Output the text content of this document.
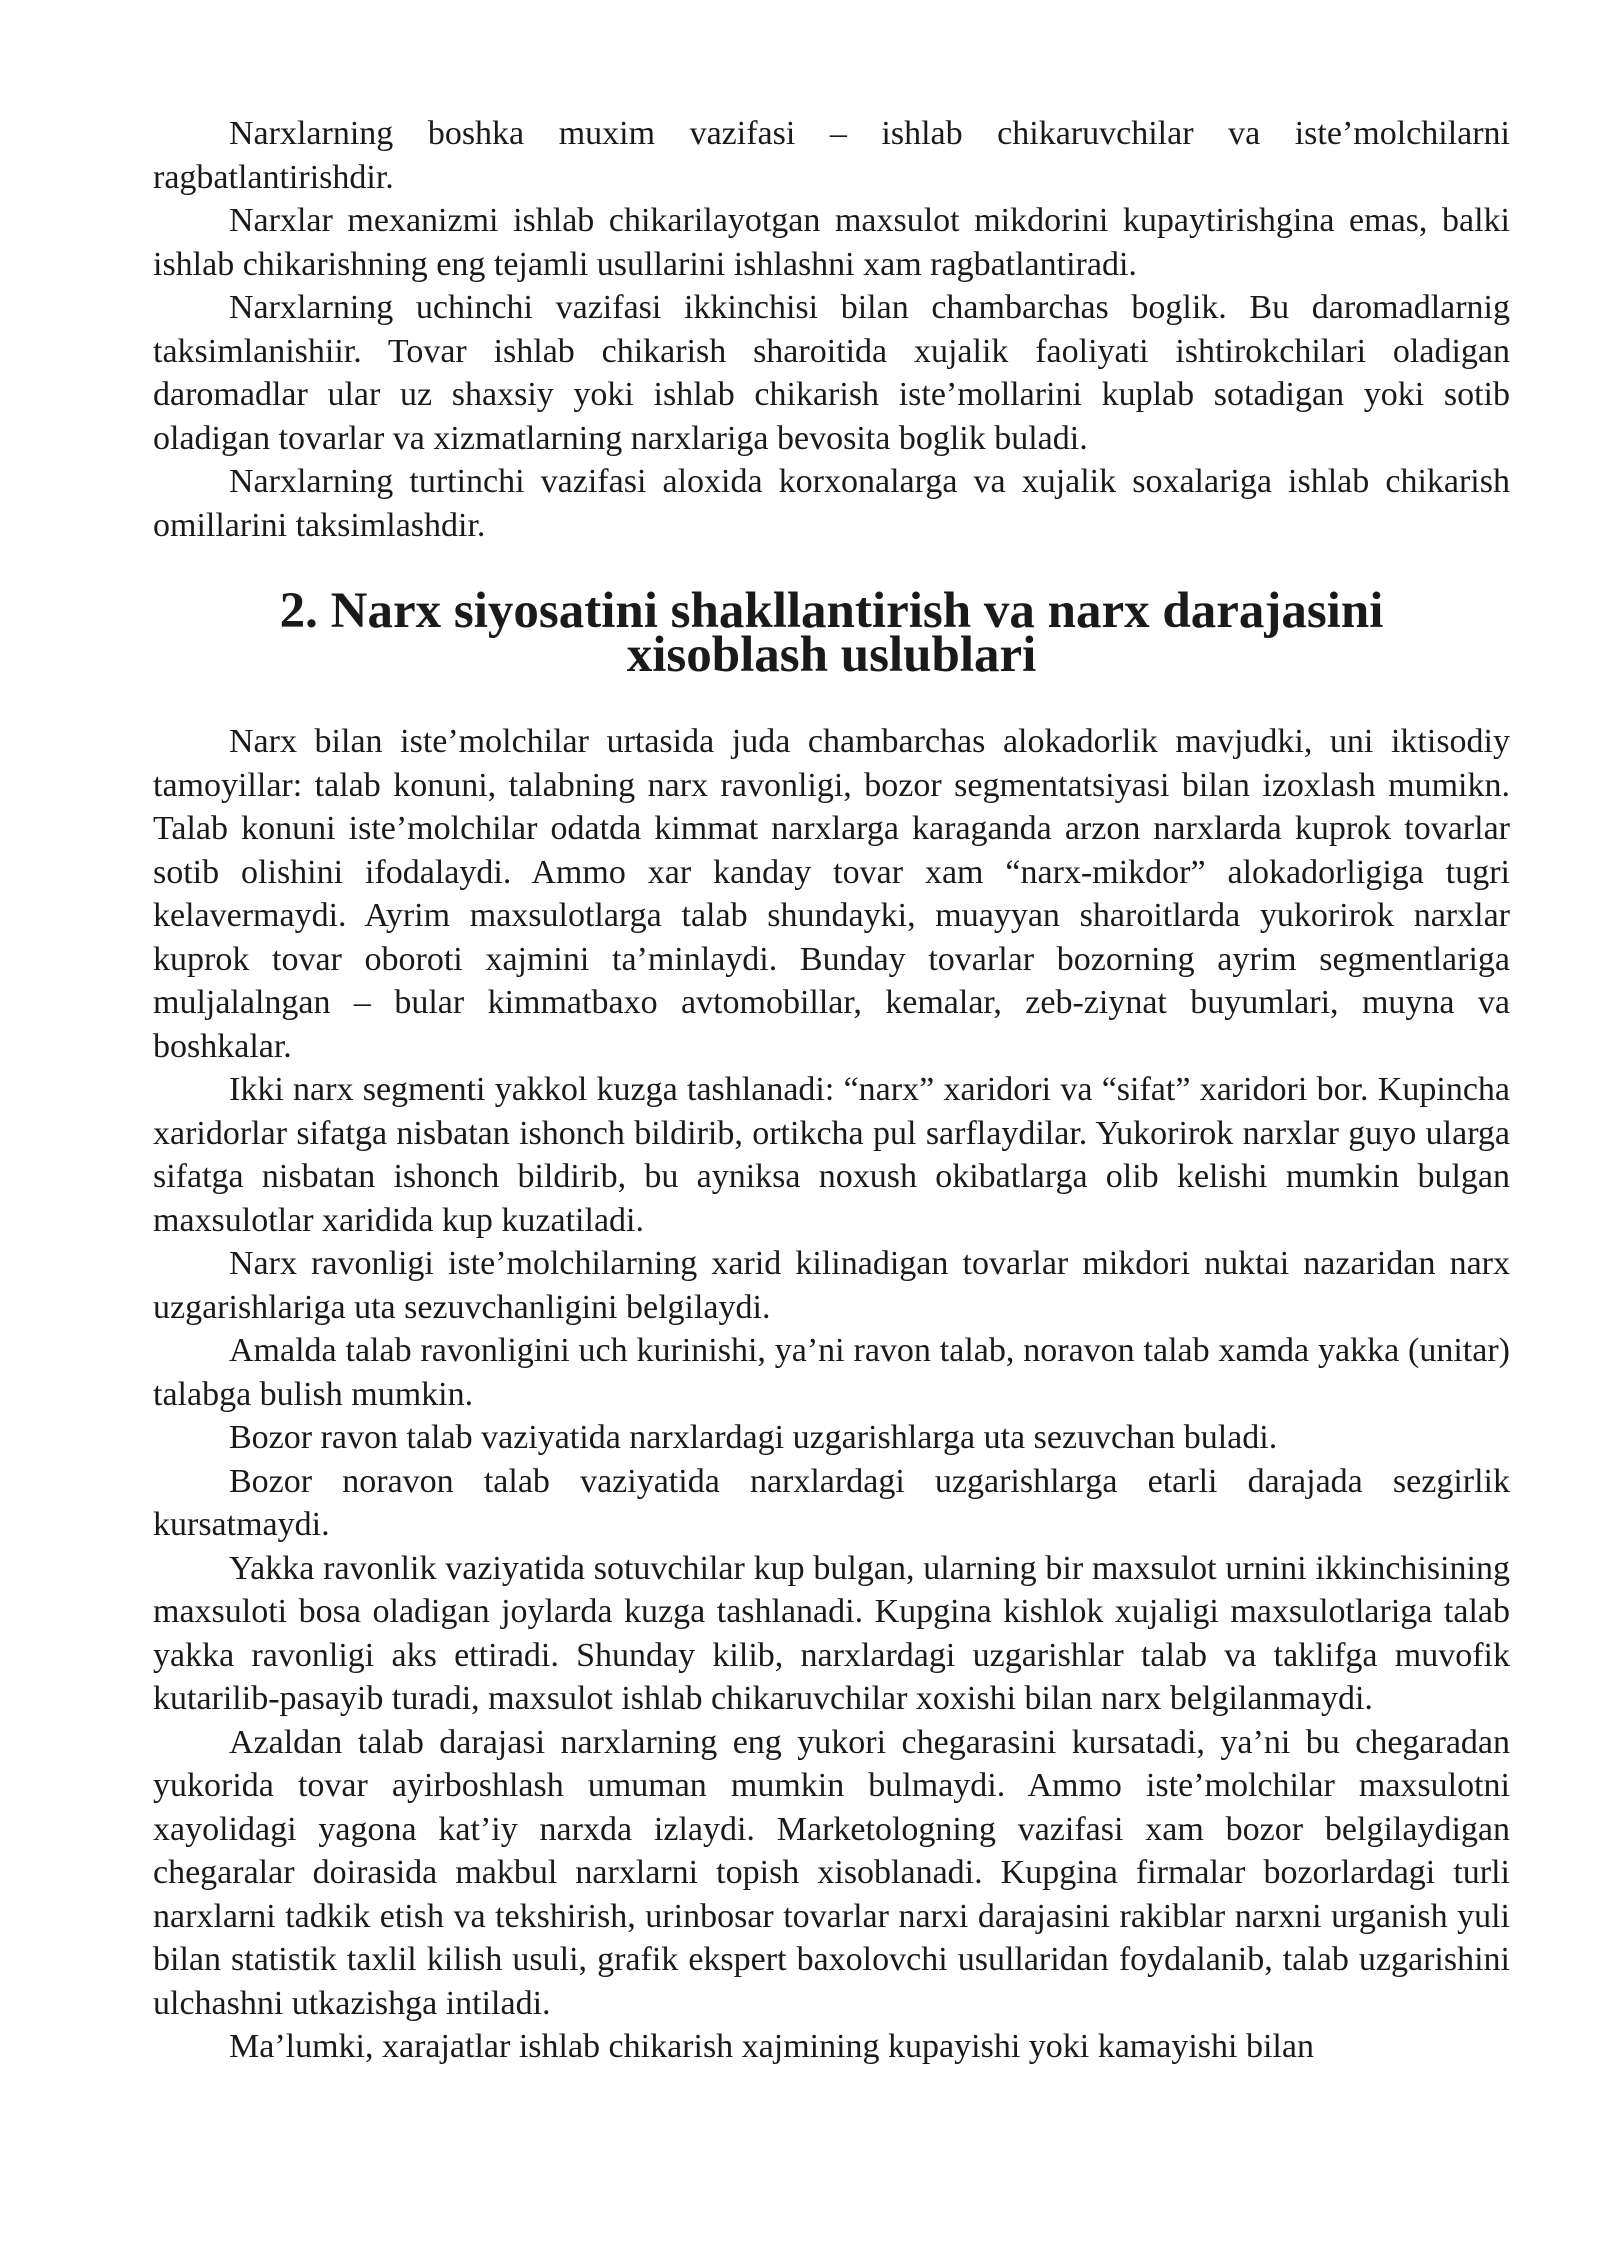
Narxlarning boshka muxim vazifasi – ishlab chikaruvchilar va iste’molchilarni ragbatlantirishdir.

Narxlar mexanizmi ishlab chikarilayotgan maxsulot mikdorini kupaytirishgina emas, balki ishlab chikarishning eng tejamli usullarini ishlashni xam ragbatlantiradi.

Narxlarning uchinchi vazifasi ikkinchisi bilan chambarchas boglik. Bu daromadlarnig taksimlanishiir. Tovar ishlab chikarish sharoitida xujalik faoliyati ishtirokchilari oladigan daromadlar ular uz shaxsiy yoki ishlab chikarish iste’mollarini kuplab sotadigan yoki sotib oladigan tovarlar va xizmatlarning narxlariga bevosita boglik buladi.

Narxlarning turtinchi vazifasi aloxida korxonalarga va xujalik soxalariga ishlab chikarish omillarini taksimlashdir.

2. Narx siyosatini shakllantirish va narx darajasini
xisoblash uslublari

Narx bilan iste’molchilar urtasida juda chambarchas alokadorlik mavjudki, uni iktisodiy tamoyillar: talab konuni, talabning narx ravonligi, bozor segmentatsiyasi bilan izoxlash mumikn. Talab konuni iste’molchilar odatda kimmat narxlarga karaganda arzon narxlarda kuprok tovarlar sotib olishini ifodalaydi. Ammo xar kanday tovar xam “narx-mikdor” alokadorligiga tugri kelavermaydi. Ayrim maxsulotlarga talab shundayki, muayyan sharoitlarda yukorirok narxlar kuprok tovar oboroti xajmini ta’minlaydi. Bunday tovarlar bozorning ayrim segmentlariga muljalalngan – bular kimmatbaxo avtomobillar, kemalar, zeb-ziynat buyumlari, muyna va boshkalar.

Ikki narx segmenti yakkol kuzga tashlanadi: “narx” xaridori va “sifat” xaridori bor. Kupincha xaridorlar sifatga nisbatan ishonch bildirib, ortikcha pul sarflaydilar. Yukorirok narxlar guyo ularga sifatga nisbatan ishonch bildirib, bu ayniksa noxush okibatlarga olib kelishi mumkin bulgan maxsulotlar xaridida kup kuzatiladi.

Narx ravonligi iste’molchilarning xarid kilinadigan tovarlar mikdori nuktai nazaridan narx uzgarishlariga uta sezuvchanligini belgilaydi.

Amalda talab ravonligini uch kurinishi, ya’ni ravon talab, noravon talab xamda yakka (unitar) talabga bulish mumkin.

Bozor ravon talab vaziyatida narxlardagi uzgarishlarga uta sezuvchan buladi.

Bozor noravon talab vaziyatida narxlardagi uzgarishlarga etarli darajada sezgirlik kursatmaydi.

Yakka ravonlik vaziyatida sotuvchilar kup bulgan, ularning bir maxsulot urnini ikkinchisining maxsuloti bosa oladigan joylarda kuzga tashlanadi. Kupgina kishlok xujaligi maxsulotlariga talab yakka ravonligi aks ettiradi. Shunday kilib, narxlardagi uzgarishlar talab va taklifga muvofik kutarilib-pasayib turadi, maxsulot ishlab chikaruvchilar xoxishi bilan narx belgilanmaydi.

Azaldan talab darajasi narxlarning eng yukori chegarasini kursatadi, ya’ni bu chegaradan yukorida tovar ayirboshlash umuman mumkin bulmaydi. Ammo iste’molchilar maxsulotni xayolidagi yagona kat’iy narxda izlaydi. Marketologning vazifasi xam bozor belgilaydigan chegaralar doirasida makbul narxlarni topish xisoblanadi. Kupgina firmalar bozorlardagi turli narxlarni tadkik etish va tekshirish, urinbosar tovarlar narxi darajasini rakiblar narxni urganish yuli bilan statistik taxlil kilish usuli, grafik ekspert baxolovchi usullaridan foydalanib, talab uzgarishini ulchashni utkazishga intiladi.

Ma’lumki, xarajatlar ishlab chikarish xajmining kupayishi yoki kamayishi bilan
